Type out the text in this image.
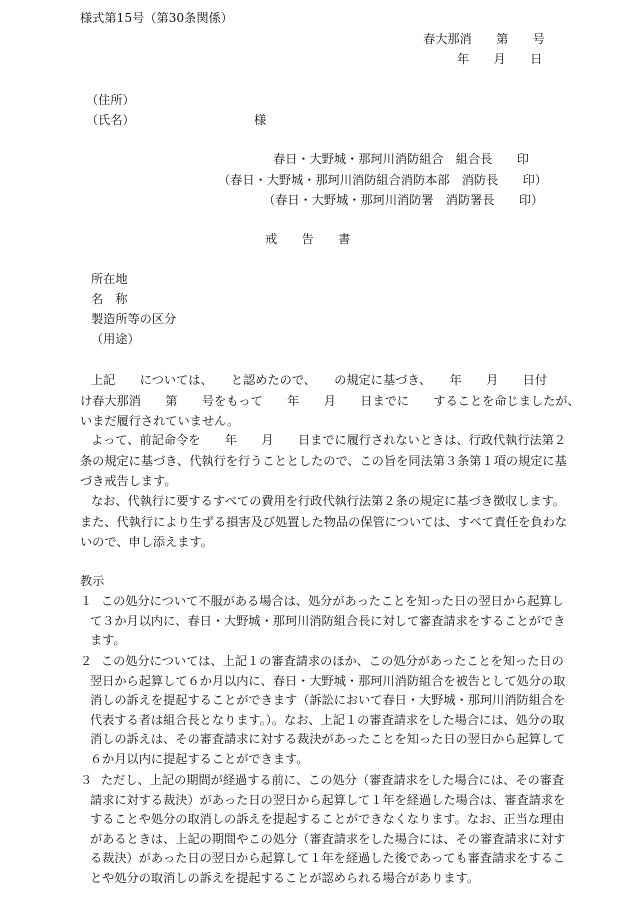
様式第15号（第30条関係）
春大那消　　第　　号
年　　月　　日
（住所）
（氏名）	様
春日・大野城・那珂川消防組合　組合長　　印
（春日・大野城・那珂川消防組合消防本部　消防長　　印）
（春日・大野城・那珂川消防署　消防署長　　印）
戒　　告　　書
所在地
名　称
製造所等の区分
（用途）
上記　　については、　　と認めたので、　　の規定に基づき、　　年　　月　　日付
け春大那消　　第　　号をもって　　年　　月　　日までに　　することを命じましたが、
いまだ履行されていません。
よって、前記命令を　　年　　月　　日までに履行されないときは、行政代執行法第２
条の規定に基づき、代執行を行うこととしたので、この旨を同法第３条第１項の規定に基
づき戒告します。
なお、代執行に要するすべての費用を行政代執行法第２条の規定に基づき徴収します。
また、代執行により生ずる損害及び処置した物品の保管については、すべて責任を負わな
いので、申し添えます。
教示
１ この処分について不服がある場合は、処分があったことを知った日の翌日から起算し
て３か月以内に、春日・大野城・那珂川消防組合長に対して審査請求をすることができ
ます。
２ この処分については、上記１の審査請求のほか、この処分があったことを知った日の
翌日から起算して６か月以内に、春日・大野城・那珂川消防組合を被告として処分の取
消しの訴えを提起することができます（訴訟において春日・大野城・那珂川消防組合を
代表する者は組合長となります。）。なお、上記１の審査請求をした場合には、処分の取
消しの訴えは、その審査請求に対する裁決があったことを知った日の翌日から起算して
６か月以内に提起することができます。
３ ただし、上記の期間が経過する前に、この処分（審査請求をした場合には、その審査
請求に対する裁決）があった日の翌日から起算して１年を経過した場合は、審査請求を
することや処分の取消しの訴えを提起することができなくなります。なお、正当な理由
があるときは、上記の期間やこの処分（審査請求をした場合には、その審査請求に対す
る裁決）があった日の翌日から起算して１年を経過した後であっても審査請求をするこ
とや処分の取消しの訴えを提起することが認められる場合があります。
